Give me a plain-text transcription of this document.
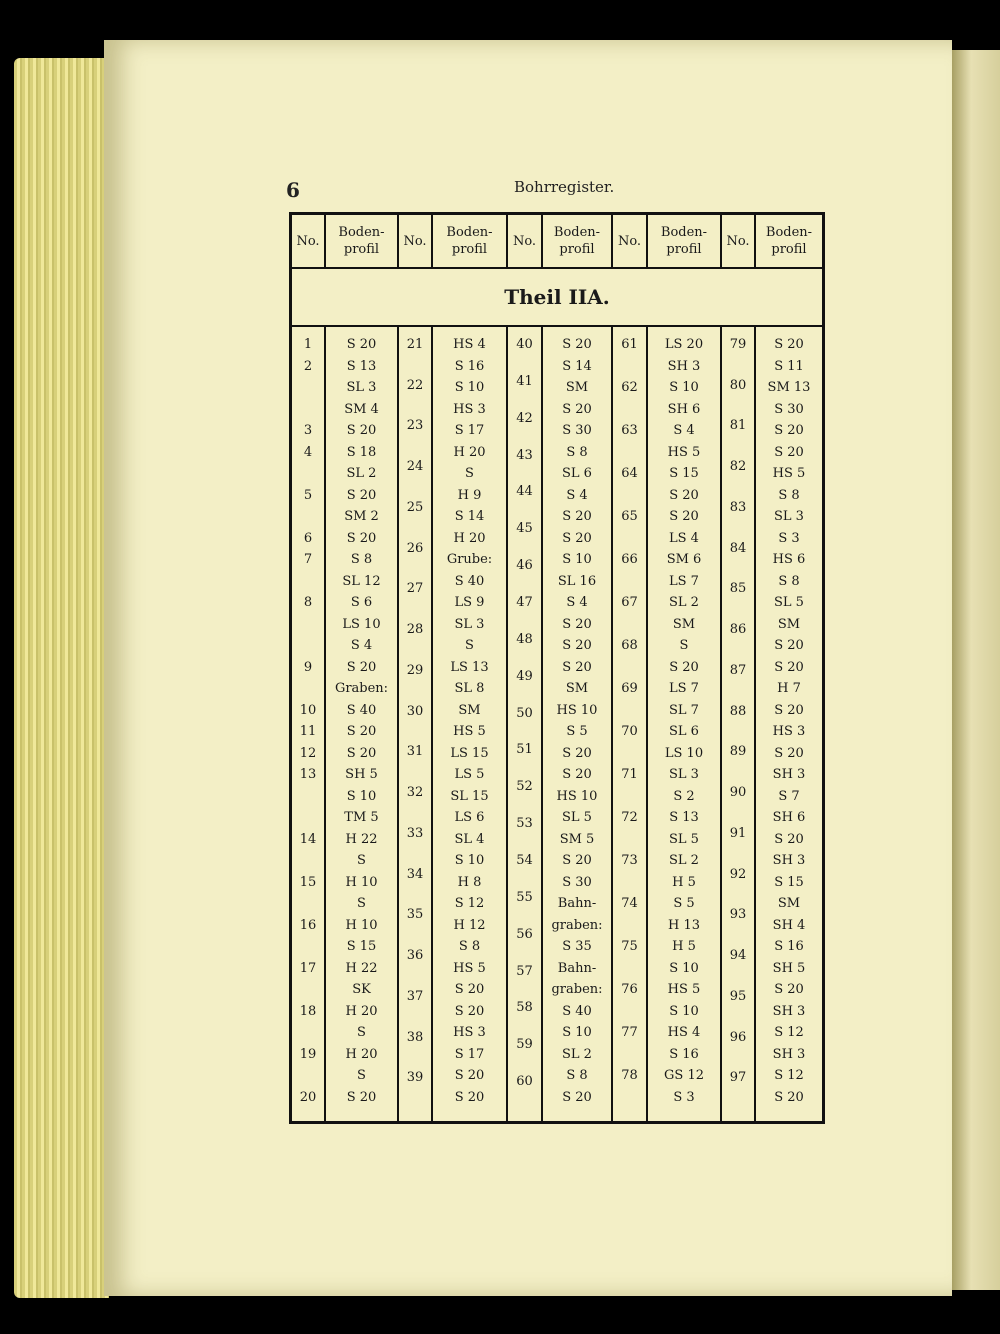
6	Bohrregister.
No.
Boden-profil
No.
Boden-profil
No.
Boden-profil
No.
Boden-profil
No.
Boden-profil
Theil IIA.
1
2
3
4
5
6
7
8
9
10
11
12
13
14
15
16
17
18
19
20
S 20
S 13
SL 3
SM 4
S 20
S 18
SL 2
S 20
SM 2
S 20
S 8
SL 12
S 6
LS 10
S 4
S 20
Graben:
S 40
S 20
S 20
SH 5
S 10
TM 5
H 22
S
H 10
S
H 10
S 15
H 22
SK
H 20
S
H 20
S
S 20
21
22
23
24
25
26
27
28
29
30
31
32
33
34
35
36
37
38
39
HS 4
S 16
S 10
HS 3
S 17
H 20
S
H 9
S 14
H 20
Grube:
S 40
LS 9
SL 3
S
LS 13
SL 8
SM
HS 5
LS 15
LS 5
SL 15
LS 6
SL 4
S 10
H 8
S 12
H 12
S 8
HS 5
S 20
S 20
HS 3
S 17
S 20
S 20
40
41
42
43
44
45
46
47
48
49
50
51
52
53
54
55
56
57
58
59
60
S 20
S 14
SM
S 20
S 30
S 8
SL 6
S 4
S 20
S 20
S 10
SL 16
S 4
S 20
S 20
S 20
SM
HS 10
S 5
S 20
S 20
HS 10
SL 5
SM 5
S 20
S 30
Bahn-
graben:
S 35
Bahn-
graben:
S 40
S 10
SL 2
S 8
S 20
61
62
63
64
65
66
67
68
69
70
71
72
73
74
75
76
77
78
LS 20
SH 3
S 10
SH 6
S 4
HS 5
S 15
S 20
S 20
LS 4
SM 6
LS 7
SL 2
SM
S
S 20
LS 7
SL 7
SL 6
LS 10
SL 3
S 2
S 13
SL 5
SL 2
H 5
S 5
H 13
H 5
S 10
HS 5
S 10
HS 4
S 16
GS 12
S 3
79
80
81
82
83
84
85
86
87
88
89
90
91
92
93
94
95
96
97
S 20
S 11
SM 13
S 30
S 20
S 20
HS 5
S 8
SL 3
S 3
HS 6
S 8
SL 5
SM
S 20
S 20
H 7
S 20
HS 3
S 20
SH 3
S 7
SH 6
S 20
SH 3
S 15
SM
SH 4
S 16
SH 5
S 20
SH 3
S 12
SH 3
S 12
S 20
